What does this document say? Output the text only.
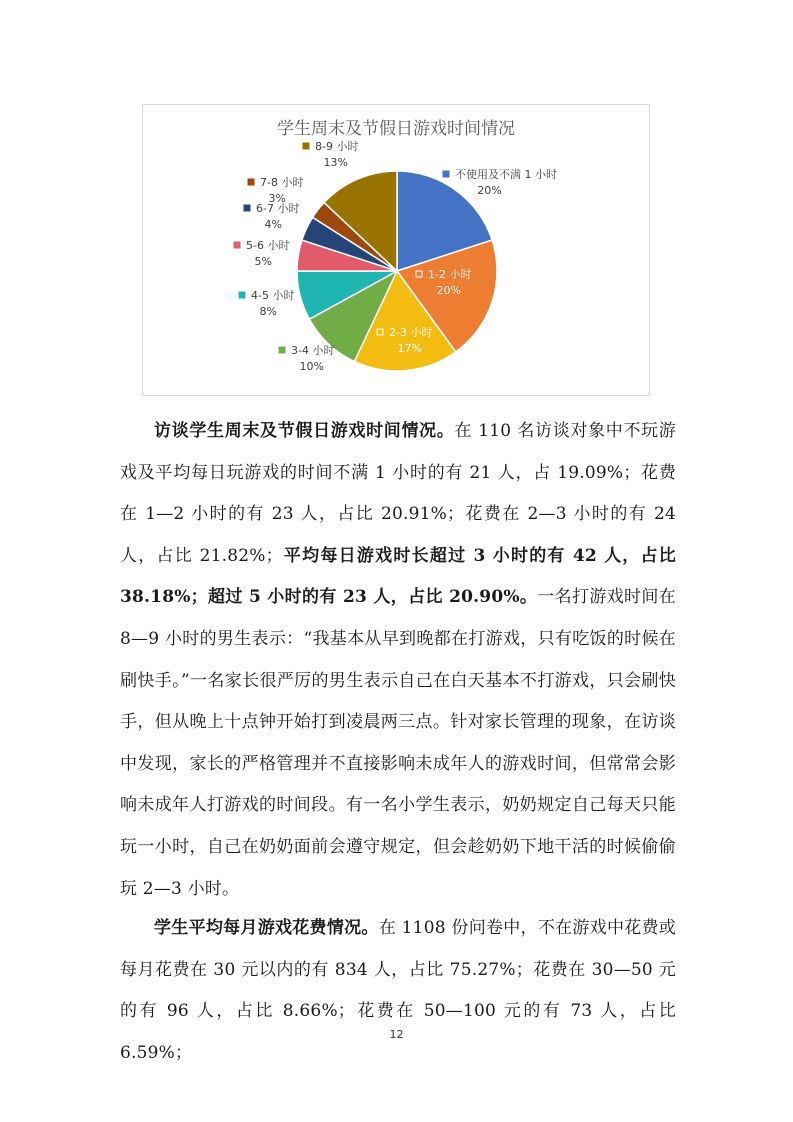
学生周末及节假日游戏时间情况
不使用及不满 1 小时
20%
1-2 小时
20%
2-3 小时
17%
3-4 小时
10%
4-5 小时
8%
5-6 小时
5%
6-7 小时
4%
7-8 小时
3%
8-9 小时
13%

访谈学生周末及节假日游戏时间情况。在 110 名访谈对象中不玩游戏及平均每日玩游戏的时间不满 1 小时的有 21 人，占 19.09%；花费在 1—2 小时的有 23 人，占比 20.91%；花费在 2—3 小时的有 24 人，占比 21.82%；平均每日游戏时长超过 3 小时的有 42 人，占比 38.18%；超过 5 小时的有 23 人，占比 20.90%。一名打游戏时间在 8—9 小时的男生表示：“我基本从早到晚都在打游戏，只有吃饭的时候在刷快手。”一名家长很严厉的男生表示自己在白天基本不打游戏，只会刷快手，但从晚上十点钟开始打到凌晨两三点。针对家长管理的现象，在访谈中发现，家长的严格管理并不直接影响未成年人的游戏时间，但常常会影响未成年人打游戏的时间段。有一名小学生表示，奶奶规定自己每天只能玩一小时，自己在奶奶面前会遵守规定，但会趁奶奶下地干活的时候偷偷玩 2—3 小时。

学生平均每月游戏花费情况。在 1108 份问卷中，不在游戏中花费或每月花费在 30 元以内的有 834 人，占比 75.27%；花费在 30—50 元的有 96 人，占比 8.66%；花费在 50—100 元的有 73 人，占比 6.59%；

12
